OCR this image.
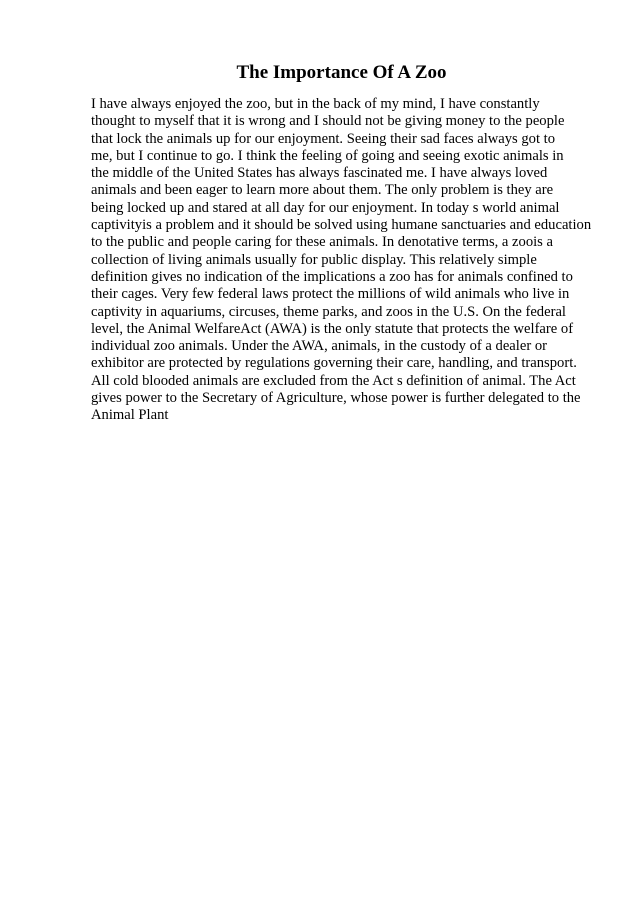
The Importance Of A Zoo
I have always enjoyed the zoo, but in the back of my mind, I have constantly
thought to myself that it is wrong and I should not be giving money to the people
that lock the animals up for our enjoyment. Seeing their sad faces always got to
me, but I continue to go. I think the feeling of going and seeing exotic animals in
the middle of the United States has always fascinated me. I have always loved
animals and been eager to learn more about them. The only problem is they are
being locked up and stared at all day for our enjoyment. In today s world animal
captivityis a problem and it should be solved using humane sanctuaries and education
to the public and people caring for these animals. In denotative terms, a zoois a
collection of living animals usually for public display. This relatively simple
definition gives no indication of the implications a zoo has for animals confined to
their cages. Very few federal laws protect the millions of wild animals who live in
captivity in aquariums, circuses, theme parks, and zoos in the U.S. On the federal
level, the Animal WelfareAct (AWA) is the only statute that protects the welfare of
individual zoo animals. Under the AWA, animals, in the custody of a dealer or
exhibitor are protected by regulations governing their care, handling, and transport.
All cold blooded animals are excluded from the Act s definition of animal. The Act
gives power to the Secretary of Agriculture, whose power is further delegated to the
Animal Plant
